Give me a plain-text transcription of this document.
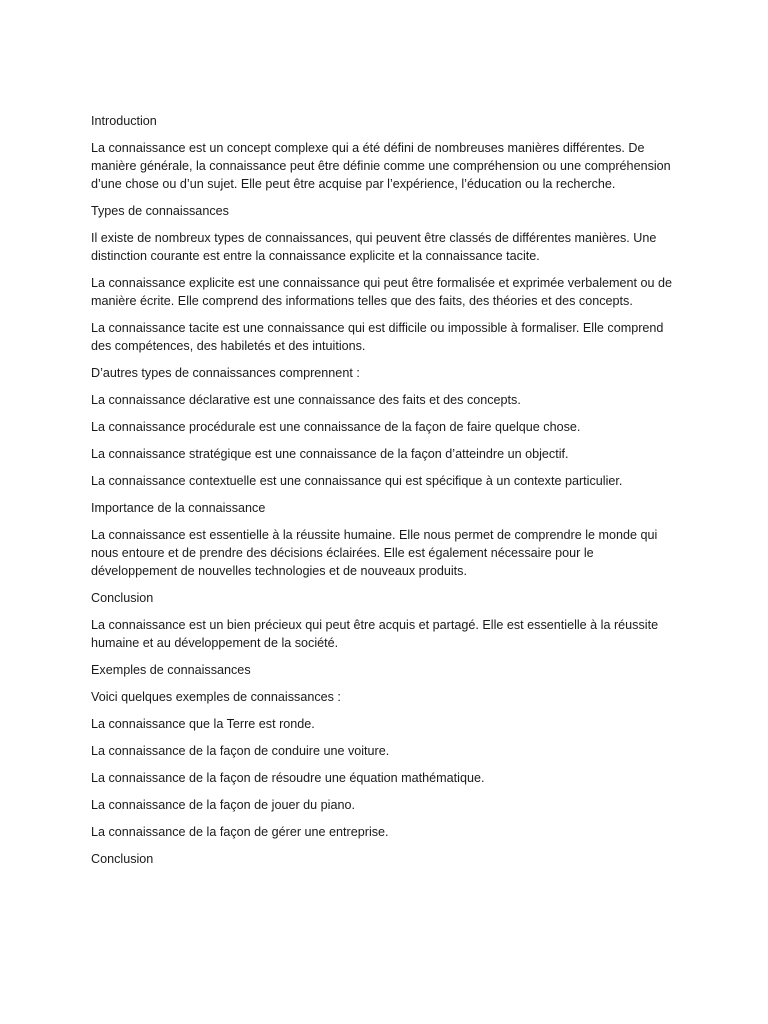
Introduction

La connaissance est un concept complexe qui a été défini de nombreuses manières différentes. De manière générale, la connaissance peut être définie comme une compréhension ou une compréhension d’une chose ou d’un sujet. Elle peut être acquise par l’expérience, l’éducation ou la recherche.

Types de connaissances

Il existe de nombreux types de connaissances, qui peuvent être classés de différentes manières. Une distinction courante est entre la connaissance explicite et la connaissance tacite.

La connaissance explicite est une connaissance qui peut être formalisée et exprimée verbalement ou de manière écrite. Elle comprend des informations telles que des faits, des théories et des concepts.

La connaissance tacite est une connaissance qui est difficile ou impossible à formaliser. Elle comprend des compétences, des habiletés et des intuitions.

D’autres types de connaissances comprennent :

La connaissance déclarative est une connaissance des faits et des concepts.

La connaissance procédurale est une connaissance de la façon de faire quelque chose.

La connaissance stratégique est une connaissance de la façon d’atteindre un objectif.

La connaissance contextuelle est une connaissance qui est spécifique à un contexte particulier.

Importance de la connaissance

La connaissance est essentielle à la réussite humaine. Elle nous permet de comprendre le monde qui nous entoure et de prendre des décisions éclairées. Elle est également nécessaire pour le développement de nouvelles technologies et de nouveaux produits.

Conclusion

La connaissance est un bien précieux qui peut être acquis et partagé. Elle est essentielle à la réussite humaine et au développement de la société.

Exemples de connaissances

Voici quelques exemples de connaissances :

La connaissance que la Terre est ronde.

La connaissance de la façon de conduire une voiture.

La connaissance de la façon de résoudre une équation mathématique.

La connaissance de la façon de jouer du piano.

La connaissance de la façon de gérer une entreprise.

Conclusion
